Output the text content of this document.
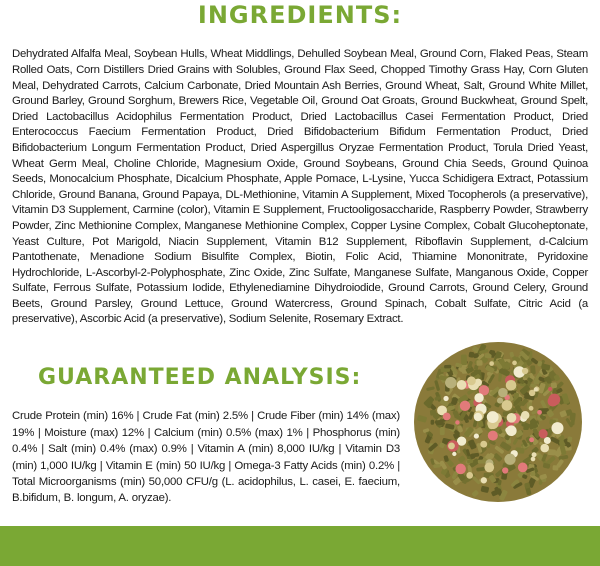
INGREDIENTS:

Dehydrated Alfalfa Meal, Soybean Hulls, Wheat Middlings, Dehulled Soybean Meal, Ground Corn, Flaked Peas, Steam Rolled Oats, Corn Distillers Dried Grains with Solubles, Ground Flax Seed, Chopped Timothy Grass Hay, Corn Gluten Meal, Dehydrated Carrots, Calcium Carbonate, Dried Mountain Ash Berries, Ground Wheat, Salt, Ground White Millet, Ground Barley, Ground Sorghum, Brewers Rice, Vegetable Oil, Ground Oat Groats, Ground Buckwheat, Ground Spelt, Dried Lactobacillus Acidophilus Fermentation Product, Dried Lactobacillus Casei Fermentation Product, Dried Enterococcus Faecium Fermentation Product, Dried Bifidobacterium Bifidum Fermentation Product, Dried Bifidobacterium Longum Fermentation Product, Dried Aspergillus Oryzae Fermentation Product, Torula Dried Yeast, Wheat Germ Meal, Choline Chloride, Magnesium Oxide, Ground Soybeans, Ground Chia Seeds, Ground Quinoa Seeds, Monocalcium Phosphate, Dicalcium Phosphate, Apple Pomace, L-Lysine, Yucca Schidigera Extract, Potassium Chloride, Ground Banana, Ground Papaya, DL-Methionine, Vitamin A Supplement, Mixed Tocopherols (a preservative), Vitamin D3 Supplement, Carmine (color), Vitamin E Supplement, Fructooligosaccharide, Raspberry Powder, Strawberry Powder, Zinc Methionine Complex, Manganese Methionine Complex, Copper Lysine Complex, Cobalt Glucoheptonate, Yeast Culture, Pot Marigold, Niacin Supplement, Vitamin B12 Supplement, Riboflavin Supplement, d-Calcium Pantothenate, Menadione Sodium Bisulfite Complex, Biotin, Folic Acid, Thiamine Mononitrate, Pyridoxine Hydrochloride, L-Ascorbyl-2-Polyphosphate, Zinc Oxide, Zinc Sulfate, Manganese Sulfate, Manganous Oxide, Copper Sulfate, Ferrous Sulfate, Potassium Iodide, Ethylenediamine Dihydroiodide, Ground Carrots, Ground Celery, Ground Beets, Ground Parsley, Ground Lettuce, Ground Watercress, Ground Spinach, Cobalt Sulfate, Citric Acid (a preservative), Ascorbic Acid (a preservative), Sodium Selenite, Rosemary Extract.

GUARANTEED ANALYSIS:

Crude Protein (min) 16% | Crude Fat (min) 2.5% | Crude Fiber (min) 14% (max) 19% | Moisture (max) 12% | Calcium (min) 0.5% (max) 1% | Phosphorus (min) 0.4% | Salt (min) 0.4% (max) 0.9% | Vitamin A (min) 8,000 IU/kg | Vitamin D3 (min) 1,000 IU/kg | Vitamin E (min) 50 IU/kg | Omega-3 Fatty Acids (min) 0.2% | Total Microorganisms (min) 50,000 CFU/g (L. acidophilus, L. casei, E. faecium, B.bifidum, B. longum, A. oryzae).
